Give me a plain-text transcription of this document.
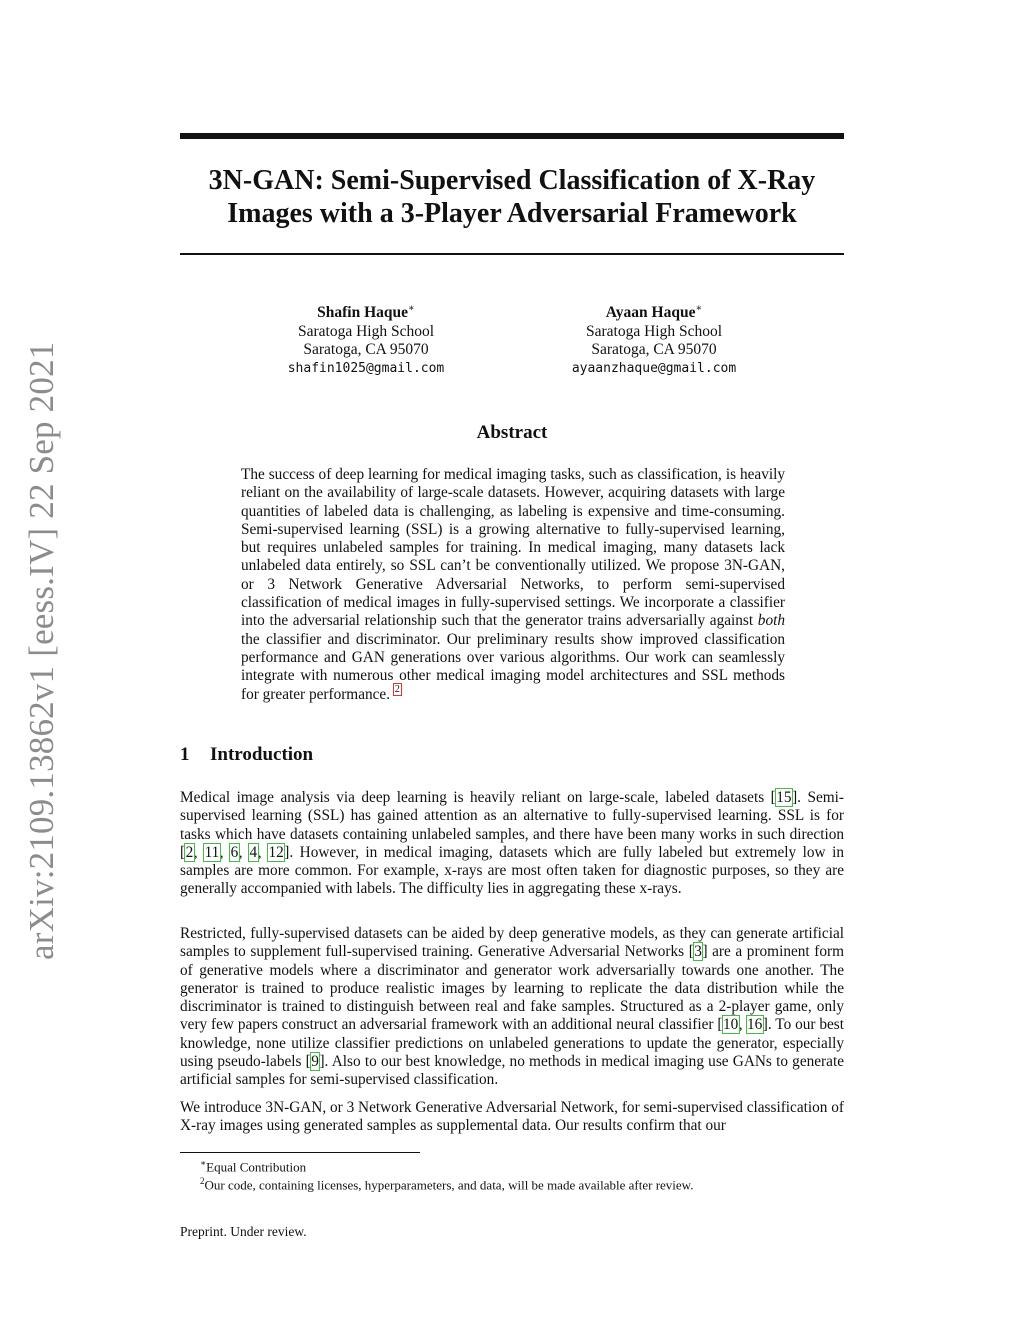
arXiv:2109.13862v1 [eess.IV] 22 Sep 2021
3N-GAN: Semi-Supervised Classification of X-Ray Images with a 3-Player Adversarial Framework
Shafin Haque∗
Saratoga High School
Saratoga, CA 95070
shafin1025@gmail.com
Ayaan Haque∗
Saratoga High School
Saratoga, CA 95070
ayaanzhaque@gmail.com
Abstract

The success of deep learning for medical imaging tasks, such as classification, is heavily reliant on the availability of large-scale datasets. However, acquiring datasets with large quantities of labeled data is challenging, as labeling is expensive and time-consuming. Semi-supervised learning (SSL) is a growing alternative to fully-supervised learning, but requires unlabeled samples for training. In medical imaging, many datasets lack unlabeled data entirely, so SSL can’t be conventionally utilized. We propose 3N-GAN, or 3 Network Generative Adversarial Networks, to perform semi-supervised classification of medical images in fully-supervised settings. We incorporate a classifier into the adversarial relationship such that the generator trains adversarially against both the classifier and discriminator. Our preliminary results show improved classification performance and GAN generations over various algorithms. Our work can seamlessly integrate with numerous other medical imaging model architectures and SSL methods for greater performance. $^2$

1 Introduction

Medical image analysis via deep learning is heavily reliant on large-scale, labeled datasets [15]. Semi-supervised learning (SSL) has gained attention as an alternative to fully-supervised learning. SSL is for tasks which have datasets containing unlabeled samples, and there have been many works in such direction [2, 11, 6, 4, 12]. However, in medical imaging, datasets which are fully labeled but extremely low in samples are more common. For example, x-rays are most often taken for diagnostic purposes, so they are generally accompanied with labels. The difficulty lies in aggregating these x-rays.

Restricted, fully-supervised datasets can be aided by deep generative models, as they can generate artificial samples to supplement full-supervised training. Generative Adversarial Networks [3] are a prominent form of generative models where a discriminator and generator work adversarially towards one another. The generator is trained to produce realistic images by learning to replicate the data distribution while the discriminator is trained to distinguish between real and fake samples. Structured as a 2-player game, only very few papers construct an adversarial framework with an additional neural classifier [10, 16]. To our best knowledge, none utilize classifier predictions on unlabeled generations to update the generator, especially using pseudo-labels [9]. Also to our best knowledge, no methods in medical imaging use GANs to generate artificial samples for semi-supervised classification.

We introduce 3N-GAN, or 3 Network Generative Adversarial Network, for semi-supervised classification of X-ray images using generated samples as supplemental data. Our results confirm that our

∗Equal Contribution

$^2$Our code, containing licenses, hyperparameters, and data, will be made available after review.

Preprint. Under review.
